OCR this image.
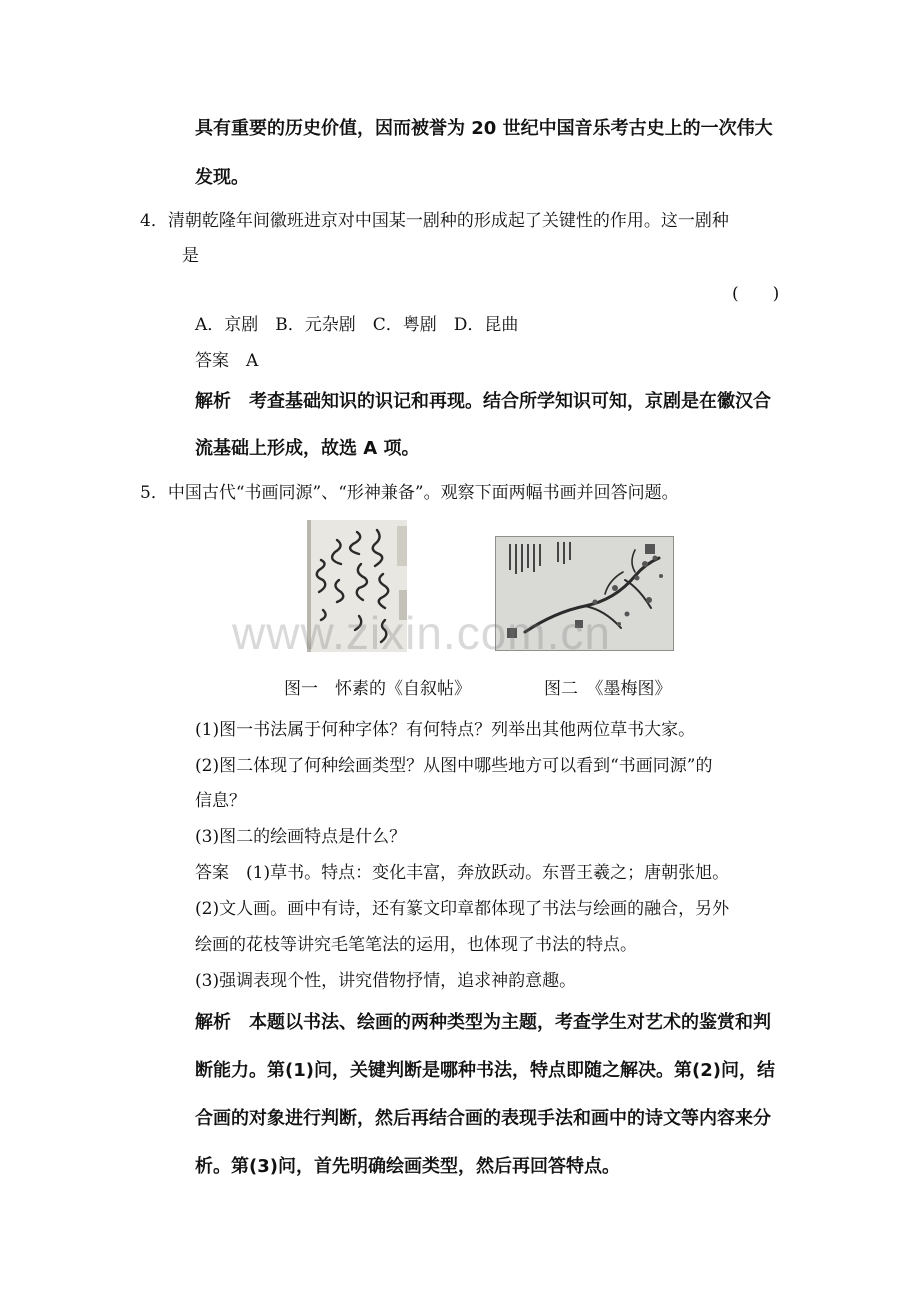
具有重要的历史价值，因而被誉为 20 世纪中国音乐考古史上的一次伟大
发现。
4．清朝乾隆年间徽班进京对中国某一剧种的形成起了关键性的作用。这一剧种
是
(　　)
A．京剧　B．元杂剧　C．粤剧　D．昆曲
答案　A
解析　考查基础知识的识记和再现。结合所学知识可知，京剧是在徽汉合
流基础上形成，故选 A 项。
5．中国古代“书画同源”、“形神兼备”。观察下面两幅书画并回答问题。
www.zixin.com.cn
图一　怀素的《自叙帖》	图二　《墨梅图》
(1)图一书法属于何种字体？有何特点？列举出其他两位草书大家。
(2)图二体现了何种绘画类型？从图中哪些地方可以看到“书画同源”的
信息？
(3)图二的绘画特点是什么？
答案　(1)草书。特点：变化丰富，奔放跃动。东晋王羲之；唐朝张旭。
(2)文人画。画中有诗，还有篆文印章都体现了书法与绘画的融合，另外
绘画的花枝等讲究毛笔笔法的运用，也体现了书法的特点。
(3)强调表现个性，讲究借物抒情，追求神韵意趣。
解析　本题以书法、绘画的两种类型为主题，考查学生对艺术的鉴赏和判
断能力。第(1)问，关键判断是哪种书法，特点即随之解决。第(2)问，结
合画的对象进行判断，然后再结合画的表现手法和画中的诗文等内容来分
析。第(3)问，首先明确绘画类型，然后再回答特点。
